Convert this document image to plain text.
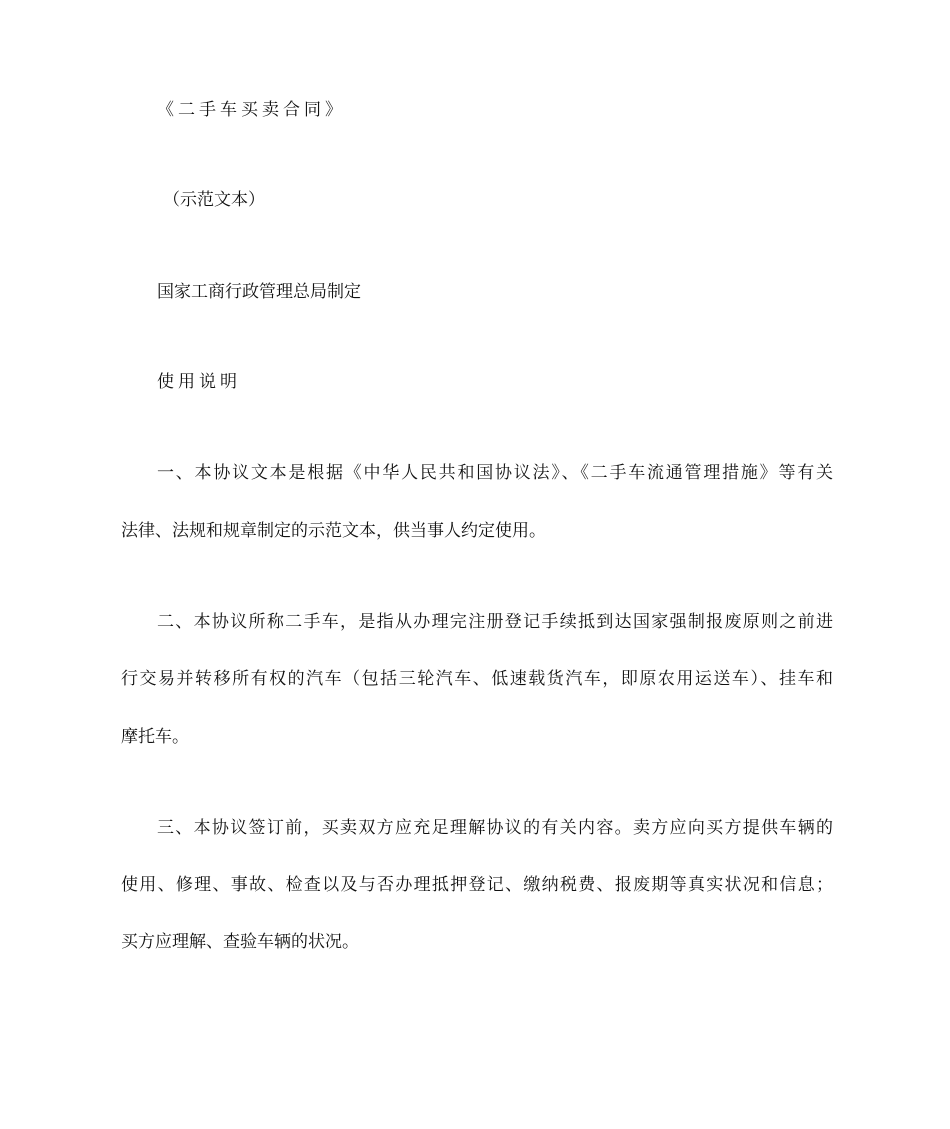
《二手车买卖合同》
（示范文本）
国家工商行政管理总局制定
使用说明
一、本协议文本是根据《中华人民共和国协议法》、《二手车流通管理措施》等有关
法律、法规和规章制定的示范文本，供当事人约定使用。
二、本协议所称二手车，是指从办理完注册登记手续抵到达国家强制报废原则之前进
行交易并转移所有权的汽车（包括三轮汽车、低速载货汽车，即原农用运送车）、挂车和
摩托车。
三、本协议签订前，买卖双方应充足理解协议的有关内容。卖方应向买方提供车辆的
使用、修理、事故、检查以及与否办理抵押登记、缴纳税费、报废期等真实状况和信息；
买方应理解、查验车辆的状况。
